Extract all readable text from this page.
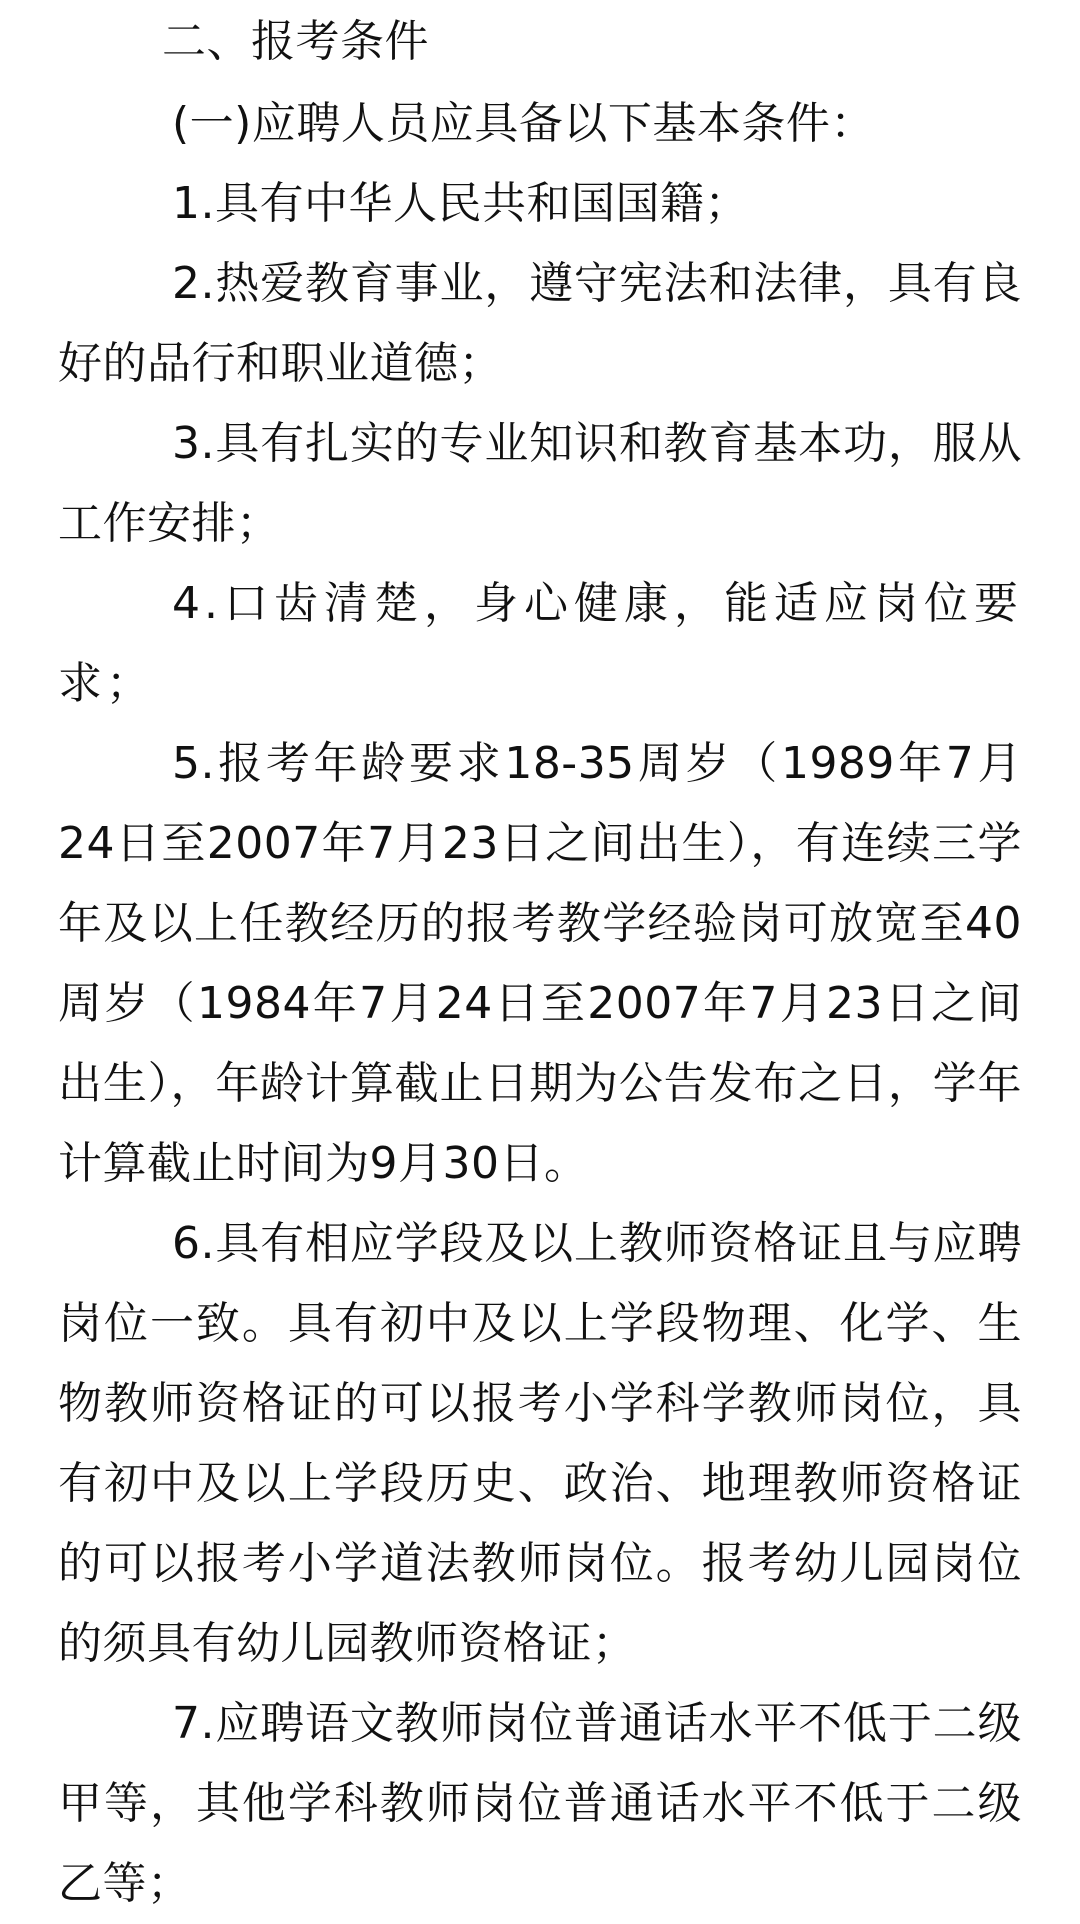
二、报考条件

(一)应聘人员应具备以下基本条件：

1.具有中华人民共和国国籍；

2.热爱教育事业，遵守宪法和法律，具有良好的品行和职业道德；

3.具有扎实的专业知识和教育基本功，服从工作安排；

4.口齿清楚，身心健康，能适应岗位要求；

5.报考年龄要求18-35周岁（1989年7月24日至2007年7月23日之间出生），有连续三学年及以上任教经历的报考教学经验岗可放宽至40周岁（1984年7月24日至2007年7月23日之间出生），年龄计算截止日期为公告发布之日，学年计算截止时间为9月30日。

6.具有相应学段及以上教师资格证且与应聘岗位一致。具有初中及以上学段物理、化学、生物教师资格证的可以报考小学科学教师岗位，具有初中及以上学段历史、政治、地理教师资格证的可以报考小学道法教师岗位。报考幼儿园岗位的须具有幼儿园教师资格证；

7.应聘语文教师岗位普通话水平不低于二级甲等，其他学科教师岗位普通话水平不低于二级乙等；
